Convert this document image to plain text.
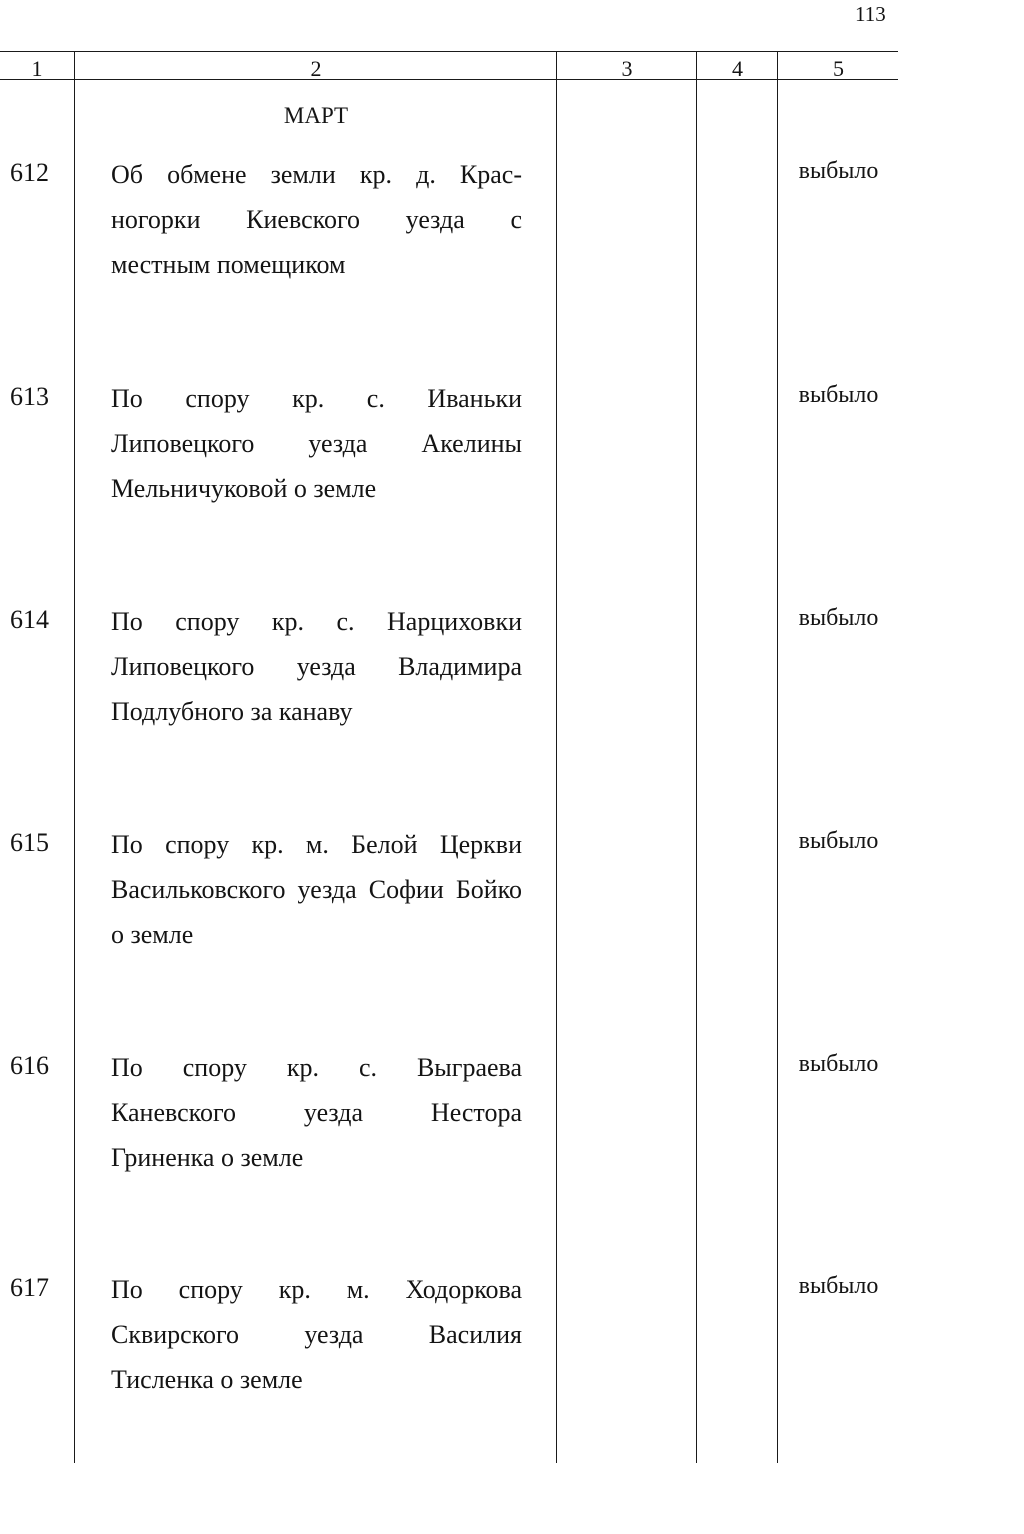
113
1	2	3	4	5
МАРТ
612 Об обмене земли кр. д. Крас-
ногорки Киевского уезда с
местным помещиком
выбыло
613 По спору кр. с. Иваньки
Липовецкого уезда Акелины
Мельничуковой о земле
выбыло
614 По спору кр. с. Нарциховки
Липовецкого уезда Владимира
Подлубного за канаву
выбыло
615 По спору кр. м. Белой Церкви
Васильковского уезда Софии Бойко
о земле
выбыло
616 По спору кр. с. Выграева
Каневского уезда Нестора
Гриненка о земле
выбыло
617 По спору кр. м. Ходоркова
Сквирского уезда Василия
Тисленка о земле
выбыло
